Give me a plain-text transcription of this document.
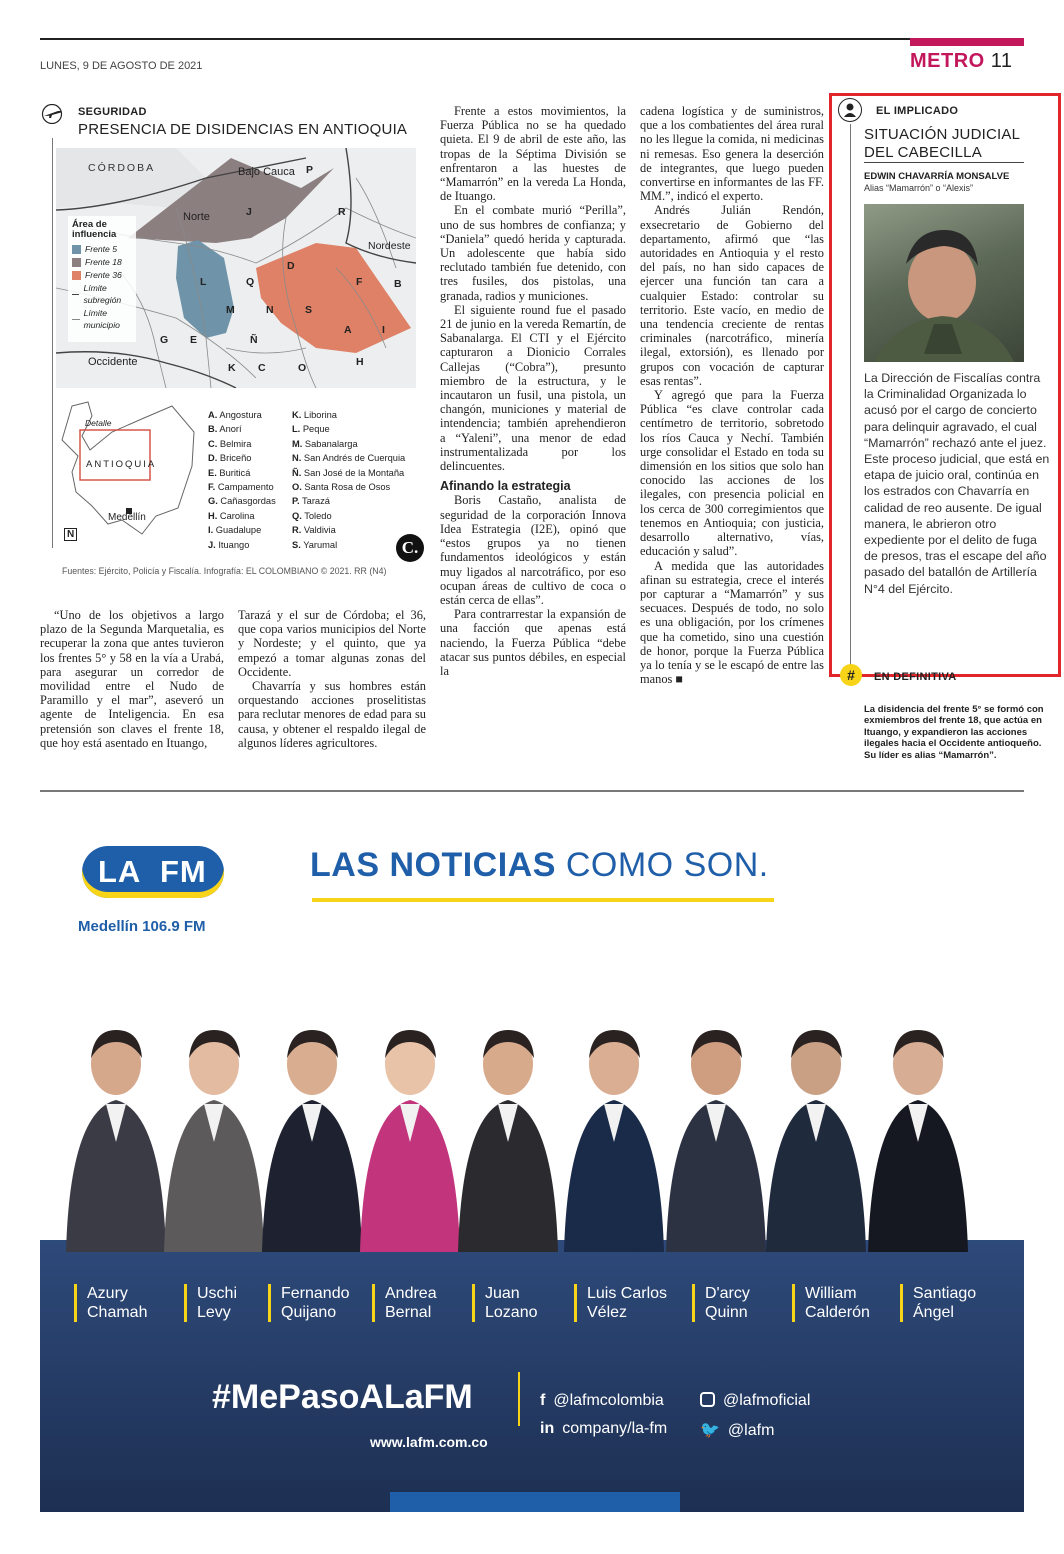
LUNES, 9 DE AGOSTO DE 2021	METRO 11
SEGURIDAD
PRESENCIA DE DISIDENCIAS EN ANTIOQUIA
CÓRDOBA	Bajo Cauca
Norte
Nordeste
Occidente
P
J	R
L	Q
D
F	B
M	S
N
A	I
G E	Ñ
K C	O	H
Área de influencia
Frente 5
Frente 18
Frente 36
Límite subregión
Límite municipio
Detalle
ANTIOQUIA
Medellín
N
A. Angostura
B. Anorí
C. Belmira
D. Briceño
E. Buriticá
F. Campamento
G. Cañasgordas
H. Carolina
I. Guadalupe
J. Ituango
K. Liborina
L. Peque
M. Sabanalarga
N. San Andrés de Cuerquia
Ñ. San José de la Montaña
O. Santa Rosa de Osos
P. Tarazá
Q. Toledo
R. Valdivia
S. Yarumal	C.
Fuentes: Ejército, Policía y Fiscalía. Infografía: EL COLOMBIANO © 2021. RR (N4)

“Uno de los objetivos a largo plazo de la Segunda Marquetalia, es recuperar la zona que antes tuvieron los frentes 5° y 58 en la vía a Urabá, para asegurar un corredor de movilidad entre el Nudo de Paramillo y el mar”, aseveró un agente de Inteligencia. En esa pretensión son claves el frente 18, que hoy está asentado en Ituango,

Tarazá y el sur de Córdoba; el 36, que copa varios municipios del Norte y Nordeste; y el quinto, que ya empezó a tomar algunas zonas del Occidente.

Chavarría y sus hombres están orquestando acciones proselitistas para reclutar menores de edad para su causa, y obtener el respaldo ilegal de algunos líderes agricultores.

Frente a estos movimientos, la Fuerza Pública no se ha quedado quieta. El 9 de abril de este año, las tropas de la Séptima División se enfrentaron a las huestes de “Mamarrón” en la vereda La Honda, de Ituango.

En el combate murió “Perilla”, uno de sus hombres de confianza; y “Daniela” quedó herida y capturada. Un adolescente que había sido reclutado también fue detenido, con tres fusiles, dos pistolas, una granada, radios y municiones.

El siguiente round fue el pasado 21 de junio en la vereda Remartín, de Sabanalarga. El CTI y el Ejército capturaron a Dionicio Corrales Callejas (“Cobra”), presunto miembro de la estructura, y le incautaron un fusil, una pistola, un changón, municiones y material de intendencia; también aprehendieron a “Yaleni”, una menor de edad instrumentalizada por los delincuentes.

Afinando la estrategia

Boris Castaño, analista de seguridad de la corporación Innova Idea Estrategia (I2E), opinó que “estos grupos ya no tienen fundamentos ideológicos y están muy ligados al narcotráfico, por eso ocupan áreas de cultivo de coca o están cerca de ellas”.

Para contrarrestar la expansión de una facción que apenas está naciendo, la Fuerza Pública “debe atacar sus puntos débiles, en especial la

cadena logística y de suministros, que a los combatientes del área rural no les llegue la comida, ni medicinas ni remesas. Eso genera la deserción de integrantes, que luego pueden convertirse en informantes de las FF. MM.”, indicó el experto.

Andrés Julián Rendón, exsecretario de Gobierno del departamento, afirmó que “las autoridades en Antioquia y el resto del país, no han sido capaces de ejercer una función tan cara a cualquier Estado: controlar su territorio. Este vacío, en medio de una tendencia creciente de rentas criminales (narcotráfico, minería ilegal, extorsión), es llenado por grupos con vocación de capturar esas rentas”.

Y agregó que para la Fuerza Pública “es clave controlar cada centímetro de territorio, sobretodo los ríos Cauca y Nechí. También urge consolidar el Estado en toda su dimensión en los sitios que solo han conocido las acciones de los ilegales, con presencia policial en los cerca de 300 corregimientos que tenemos en Antioquia; con justicia, desarrollo alternativo, vías, educación y salud”.

A medida que las autoridades afinan su estrategia, crece el interés por capturar a “Mamarrón” y sus secuaces. Después de todo, no solo es una obligación, por los crímenes que ha cometido, sino una cuestión de honor, porque la Fuerza Pública ya lo tenía y se le escapó de entre las manos ■

EL IMPLICADO
SITUACIÓN JUDICIAL DEL CABECILLA
EDWIN CHAVARRÍA MONSALVE
Alias “Mamarrón” o “Alexis”
La Dirección de Fiscalías contra la Criminalidad Organizada lo acusó por el cargo de concierto para delinquir agravado, el cual “Mamarrón” rechazó ante el juez. Este proceso judicial, que está en etapa de juicio oral, continúa en los estrados con Chavarría en calidad de reo ausente. De igual manera, le abrieron otro expediente por el delito de fuga de presos, tras el escape del año pasado del batallón de Artillería N°4 del Ejército.
#	EN DEFINITIVA
La disidencia del frente 5° se formó con exmiembros del frente 18, que actúa en Ituango, y expandieron las acciones ilegales hacia el Occidente antioqueño. Su líder es alias “Mamarrón”.
LA FM
Medellín 106.9 FM
LAS NOTICIAS COMO SON.
Azury
Chamah
Uschi
Levy
Fernando
Quijano
Andrea
Bernal
Juan
Lozano
Luis Carlos
Vélez
D'arcy
Quinn
William
Calderón
Santiago
Ángel
#MePasoALaFM
www.lafm.com.co
f @lafmcolombia	@lafmoficial
in company/la-fm 🐦 @lafm
